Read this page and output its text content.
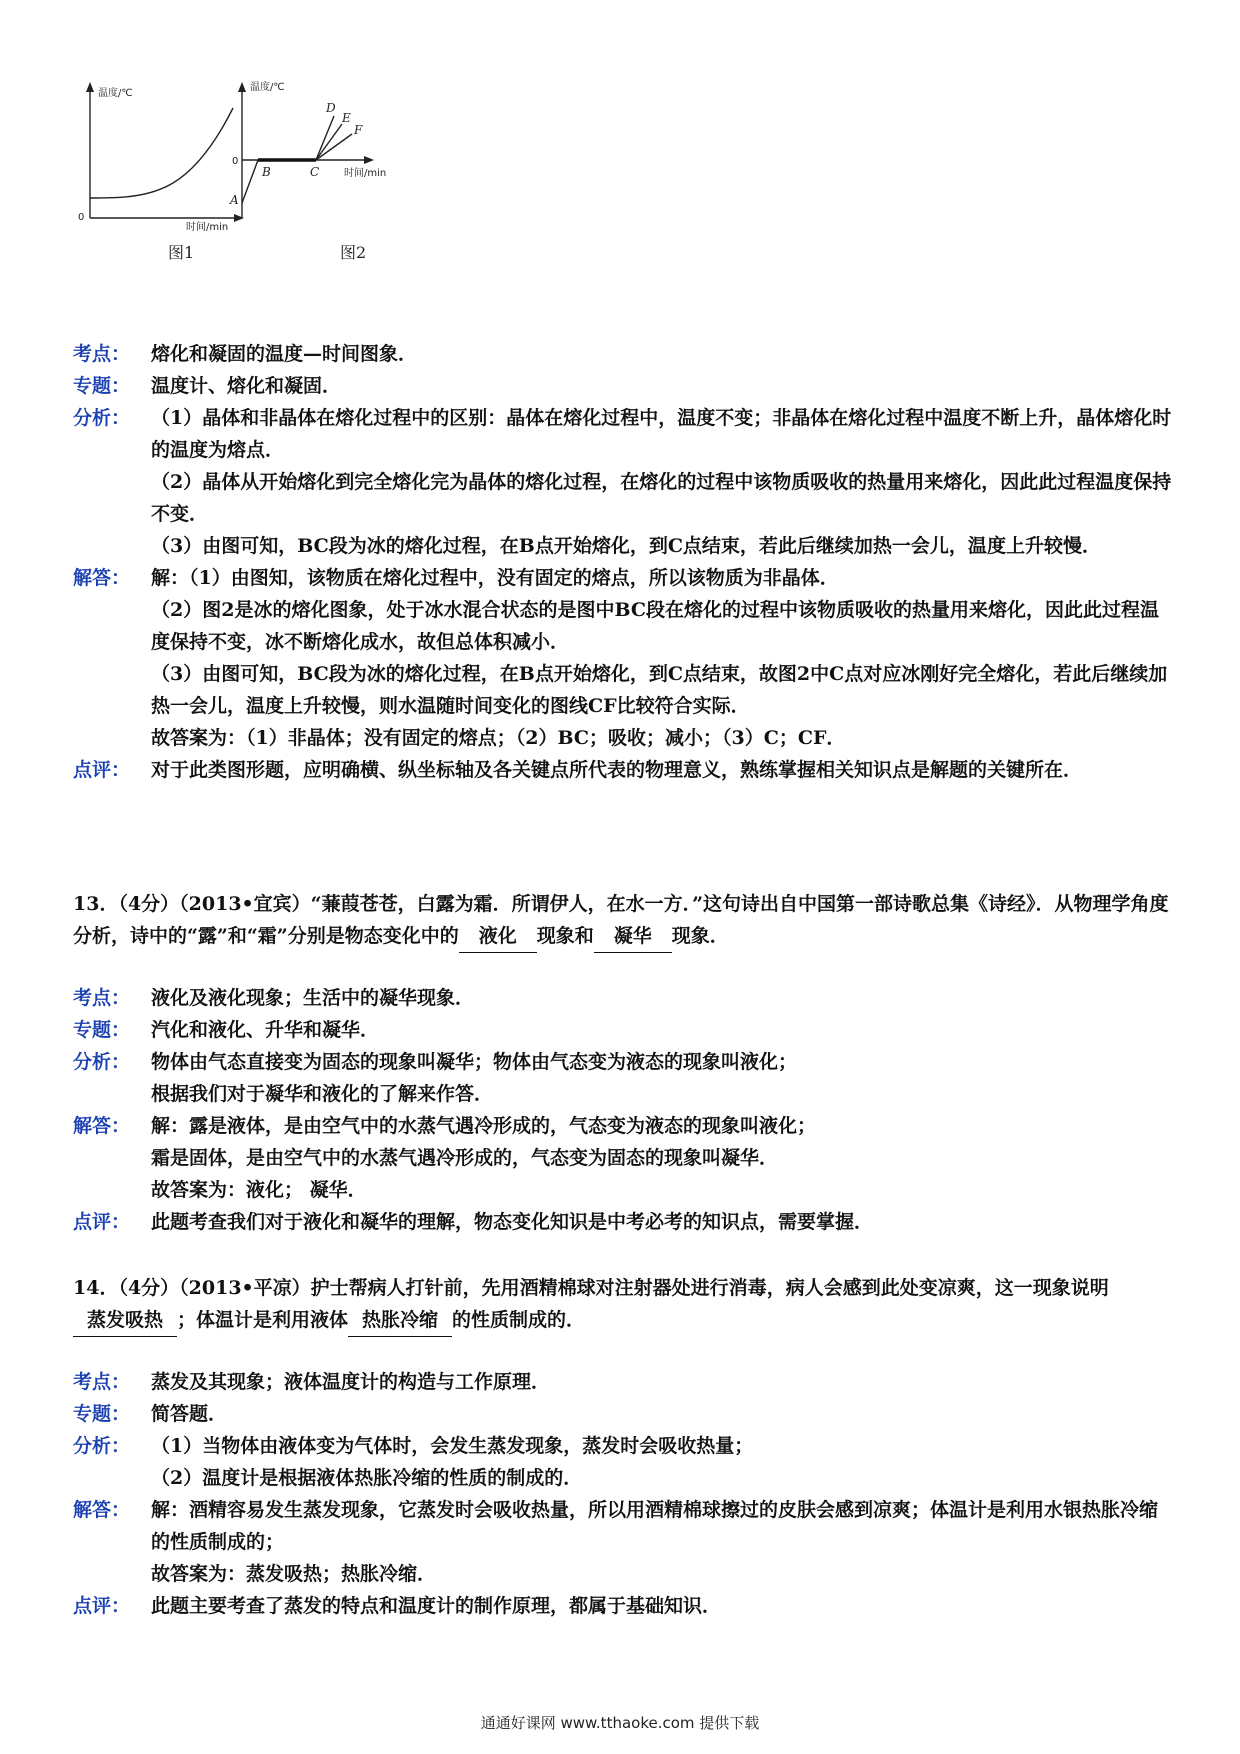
温度/℃
时间/min
0
图1
温度/℃
0
时间/min
A
B	C
D
E
F
图2
考点：	熔化和凝固的温度—时间图象．
专题：	温度计、熔化和凝固．
分析：	（1）晶体和非晶体在熔化过程中的区别：晶体在熔化过程中，温度不变；非晶体在熔化过程中温度不断上升，晶体熔化时的温度为熔点．

（2）晶体从开始熔化到完全熔化完为晶体的熔化过程，在熔化的过程中该物质吸收的热量用来熔化，因此此过程温度保持不变．

（3）由图可知，BC段为冰的熔化过程，在B点开始熔化，到C点结束，若此后继续加热一会儿，温度上升较慢．

解答：	解：（1）由图知，该物质在熔化过程中，没有固定的熔点，所以该物质为非晶体．

（2）图2是冰的熔化图象，处于冰水混合状态的是图中BC段在熔化的过程中该物质吸收的热量用来熔化，因此此过程温度保持不变，冰不断熔化成水，故但总体积减小．

（3）由图可知，BC段为冰的熔化过程，在B点开始熔化，到C点结束，故图2中C点对应冰刚好完全熔化，若此后继续加热一会儿，温度上升较慢，则水温随时间变化的图线CF比较符合实际．

故答案为：（1）非晶体；没有固定的熔点；（2）BC；吸收；减小；（3）C；CF．

点评：	对于此类图形题，应明确横、纵坐标轴及各关键点所代表的物理意义，熟练掌握相关知识点是解题的关键所在．
13．（4分）（2013•宜宾）“蒹葭苍苍，白露为霜．所谓伊人，在水一方．”这句诗出自中国第一部诗歌总集《诗经》．从物理学角度分析，诗中的“露”和“霜”分别是物态变化中的 液化 现象和 凝华 现象．
考点：	液化及液化现象；生活中的凝华现象．
专题：	汽化和液化、升华和凝华．
分析：	物体由气态直接变为固态的现象叫凝华；物体由气态变为液态的现象叫液化；

根据我们对于凝华和液化的了解来作答．

解答：	解：露是液体，是由空气中的水蒸气遇冷形成的，气态变为液态的现象叫液化；

霜是固体，是由空气中的水蒸气遇冷形成的，气态变为固态的现象叫凝华．

故答案为：液化； 凝华．

点评：	此题考查我们对于液化和凝华的理解，物态变化知识是中考必考的知识点，需要掌握．
14．（4分）（2013•平凉）护士帮病人打针前，先用酒精棉球对注射器处进行消毒，病人会感到此处变凉爽，这一现象说明蒸发吸热 ；体温计是利用液体 热胀冷缩 的性质制成的．
考点：	蒸发及其现象；液体温度计的构造与工作原理．
专题：	简答题．
分析：	（1）当物体由液体变为气体时，会发生蒸发现象，蒸发时会吸收热量；

（2）温度计是根据液体热胀冷缩的性质的制成的．

解答：	解：酒精容易发生蒸发现象，它蒸发时会吸收热量，所以用酒精棉球擦过的皮肤会感到凉爽；体温计是利用水银热胀冷缩的性质制成的；

故答案为：蒸发吸热；热胀冷缩．

点评：	此题主要考查了蒸发的特点和温度计的制作原理，都属于基础知识．
通通好课网 www.tthaoke.com 提供下载
